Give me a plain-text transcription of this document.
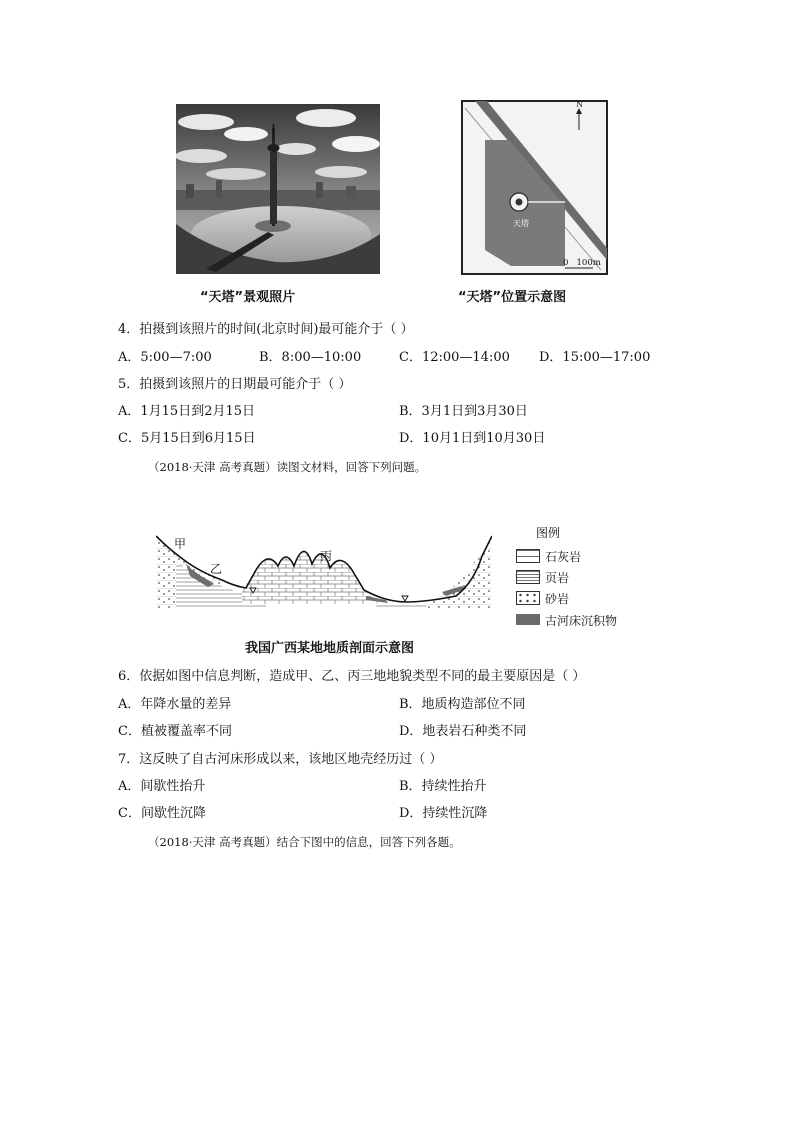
“天塔”景观照片
N
天塔
0   100m
“天塔”位置示意图
4．拍摄到该照片的时间(北京时间)最可能介于（ ）
A．5:00—7:00	B．8:00—10:00	C．12:00—14:00 D．15:00—17:00
5．拍摄到该照片的日期最可能介于（ ）
A．1月15日到2月15日	B．3月1日到3月30日
C．5月15日到6月15日	D．10月1日到10月30日
（2018·天津 高考真题）读图文材料，回答下列问题。
甲
乙
丙
图例
石灰岩
页岩
砂岩
古河床沉积物
我国广西某地地质剖面示意图
6．依据如图中信息判断，造成甲、乙、丙三地地貌类型不同的最主要原因是（ ）
A．年降水量的差异	B．地质构造部位不同
C．植被覆盖率不同	D．地表岩石种类不同
7．这反映了自古河床形成以来，该地区地壳经历过（ ）
A．间歇性抬升	B．持续性抬升
C．间歇性沉降	D．持续性沉降
（2018·天津 高考真题）结合下图中的信息，回答下列各题。
